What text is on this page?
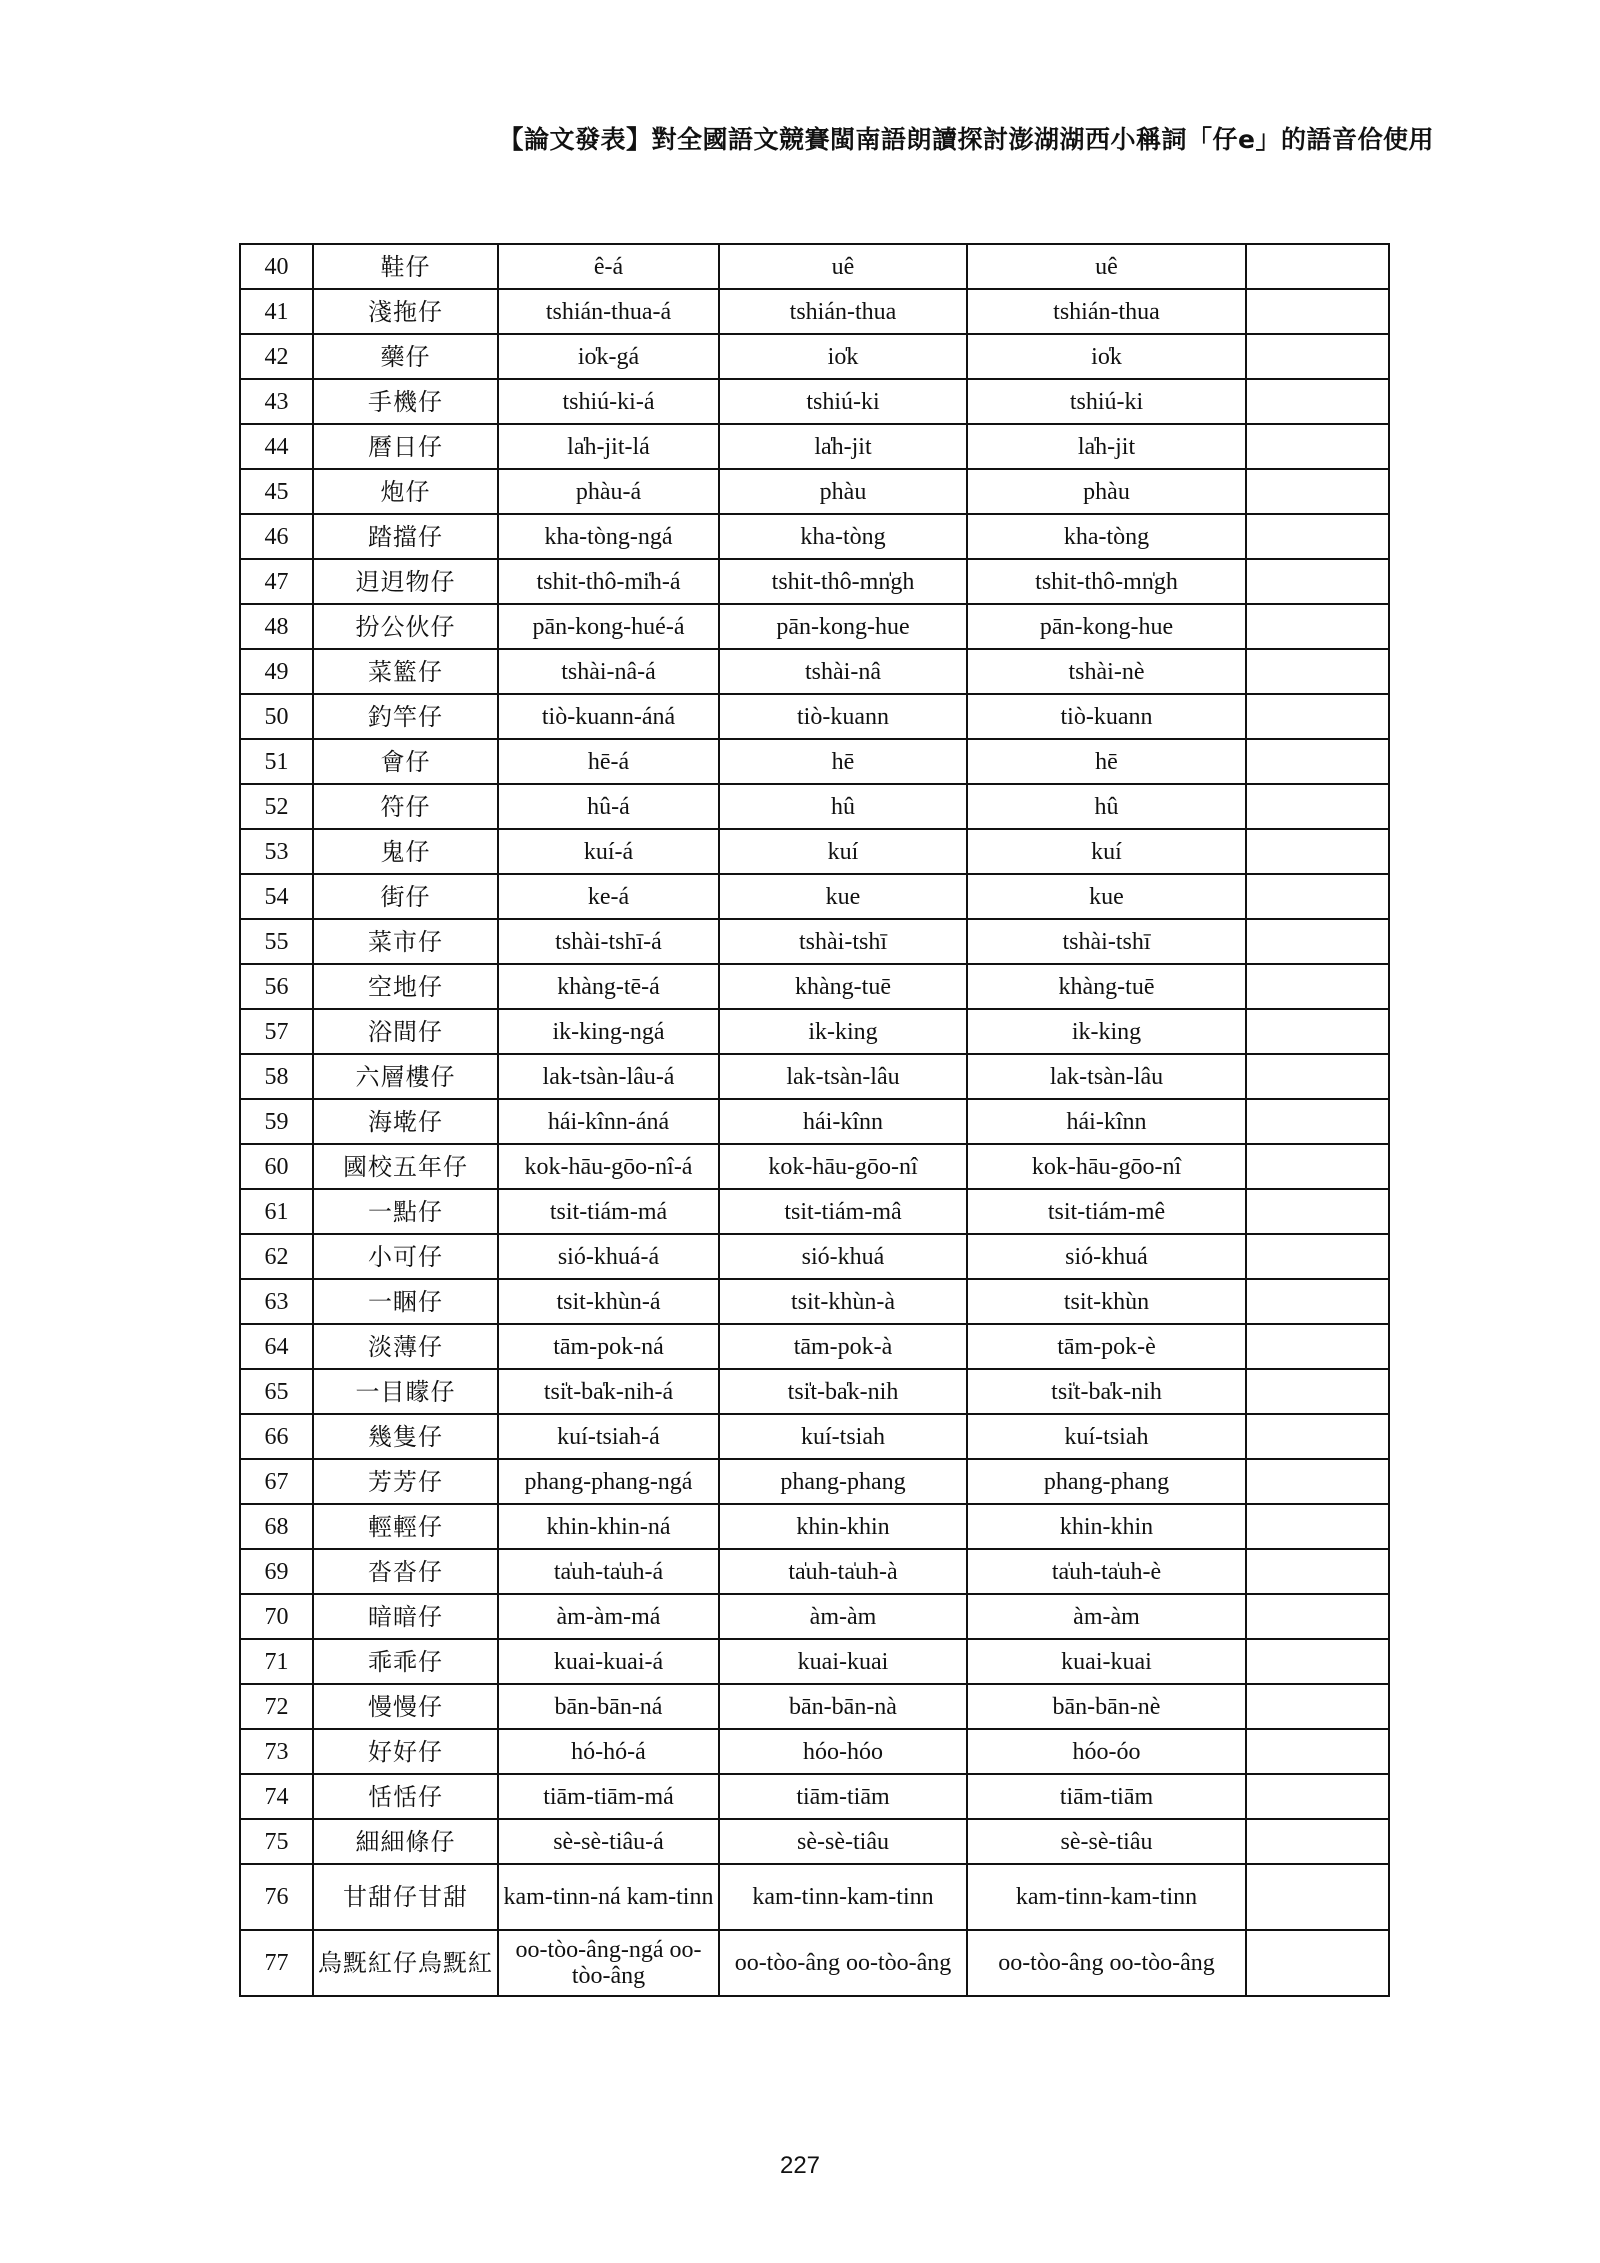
【論文發表】對全國語文競賽閩南語朗讀探討澎湖湖西小稱詞「仔e」的語音佮使用
40	鞋仔	ê-á	uê	uê	
41	淺拖仔	tshián-thua-á	tshián-thua	tshián-thua	
42	藥仔	io̍k-gá	io̍k	io̍k	
43	手機仔	tshiú-ki-á	tshiú-ki	tshiú-ki	
44	曆日仔	la̍h-jit-lá	la̍h-jit	la̍h-jit	
45	炮仔	phàu-á	phàu	phàu	
46	踏擋仔	kha-tòng-ngá	kha-tòng	kha-tòng	
47	迌迌物仔	tshit-thô-mi̍h-á	tshit-thô-mn̍gh	tshit-thô-mn̍gh	
48	扮公伙仔	pān-kong-hué-á	pān-kong-hue	pān-kong-hue	
49	菜籃仔	tshài-nâ-á	tshài-nâ	tshài-nè	
50	釣竿仔	tiò-kuann-áná	tiò-kuann	tiò-kuann	
51	會仔	hē-á	hē	hē	
52	符仔	hû-á	hû	hû	
53	鬼仔	kuí-á	kuí	kuí	
54	街仔	ke-á	kue	kue	
55	菜市仔	tshài-tshī-á	tshài-tshī	tshài-tshī	
56	空地仔	khàng-tē-á	khàng-tuē	khàng-tuē	
57	浴間仔	ik-king-ngá	ik-king	ik-king	
58	六層樓仔	lak-tsàn-lâu-á	lak-tsàn-lâu	lak-tsàn-lâu	
59	海墘仔	hái-kînn-áná	hái-kînn	hái-kînn	
60	國校五年仔	kok-hāu-gōo-nî-á	kok-hāu-gōo-nî	kok-hāu-gōo-nî	
61	一點仔	tsit-tiám-má	tsit-tiám-mâ	tsit-tiám-mê	
62	小可仔	sió-khuá-á	sió-khuá	sió-khuá	
63	一睏仔	tsit-khùn-á	tsit-khùn-à	tsit-khùn	
64	淡薄仔	tām-pok-ná	tām-pok-à	tām-pok-è	
65	一目矇仔	tsi̍t-ba̍k-nih-á	tsi̍t-ba̍k-nih	tsi̍t-ba̍k-nih	
66	幾隻仔	kuí-tsiah-á	kuí-tsiah	kuí-tsiah	
67	芳芳仔	phang-phang-ngá	phang-phang	phang-phang	
68	輕輕仔	khin-khin-ná	khin-khin	khin-khin	
69	沓沓仔	ta̍uh-ta̍uh-á	ta̍uh-ta̍uh-à	ta̍uh-ta̍uh-è	
70	暗暗仔	àm-àm-má	àm-àm	àm-àm	
71	乖乖仔	kuai-kuai-á	kuai-kuai	kuai-kuai	
72	慢慢仔	bān-bān-ná	bān-bān-nà	bān-bān-nè	
73	好好仔	hó-hó-á	hóo-hóo	hóo-óo	
74	恬恬仔	tiām-tiām-má	tiām-tiām	tiām-tiām	
75	細細條仔	sè-sè-tiâu-á	sè-sè-tiâu	sè-sè-tiâu	
76	甘甜仔甘甜	kam-tinn-ná kam-tinn	kam-tinn-kam-tinn	kam-tinn-kam-tinn	
77	烏黖紅仔烏黖紅	oo-tòo-âng-ngá oo-tòo-âng	oo-tòo-âng oo-tòo-âng	oo-tòo-âng oo-tòo-âng	
227
